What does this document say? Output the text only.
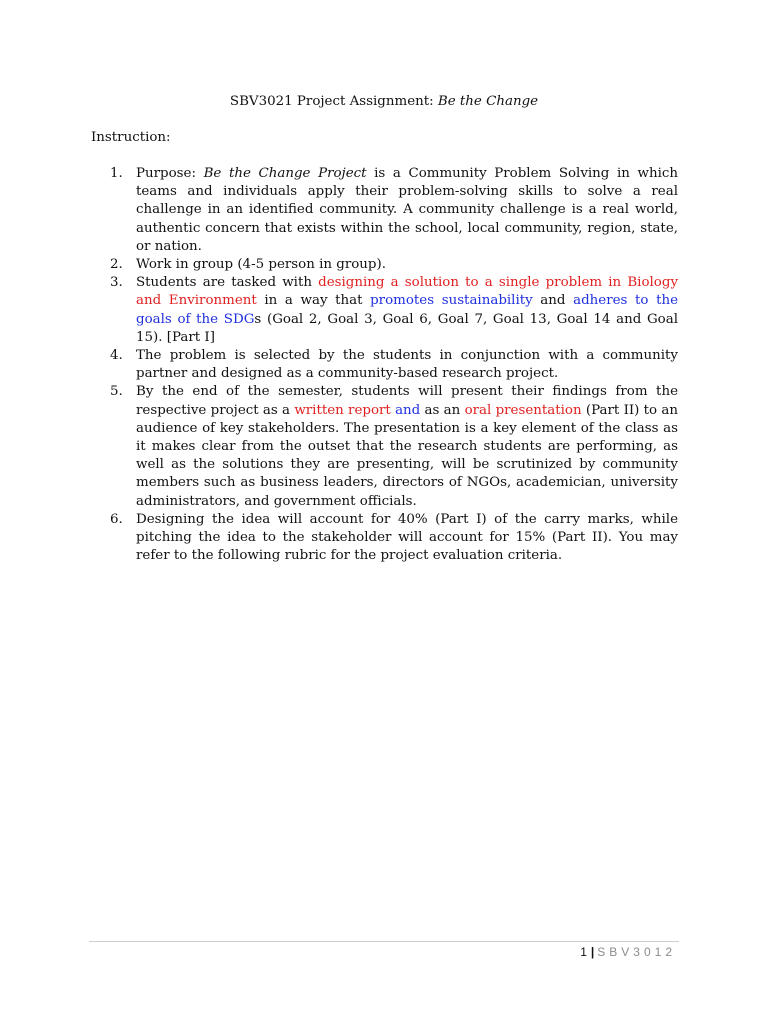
SBV3021 Project Assignment: Be the Change
Instruction:
1. Purpose: Be the Change Project is a Community Problem Solving in which teams and individuals apply their problem-solving skills to solve a real challenge in an identified community. A community challenge is a real world, authentic concern that exists within the school, local community, region, state, or nation.
2. Work in group (4-5 person in group).
3. Students are tasked with designing a solution to a single problem in Biology and Environment in a way that promotes sustainability and adheres to the goals of the SDGs (Goal 2, Goal 3, Goal 6, Goal 7, Goal 13, Goal 14 and Goal 15). [Part I]
4. The problem is selected by the students in conjunction with a community partner and designed as a community-based research project.
5. By the end of the semester, students will present their findings from the respective project as a written report and as an oral presentation (Part II) to an audience of key stakeholders. The presentation is a key element of the class as it makes clear from the outset that the research students are performing, as well as the solutions they are presenting, will be scrutinized by community members such as business leaders, directors of NGOs, academician, university administrators, and government officials.
6. Designing the idea will account for 40% (Part I) of the carry marks, while pitching the idea to the stakeholder will account for 15% (Part II). You may refer to the following rubric for the project evaluation criteria.
1 | SBV3012
